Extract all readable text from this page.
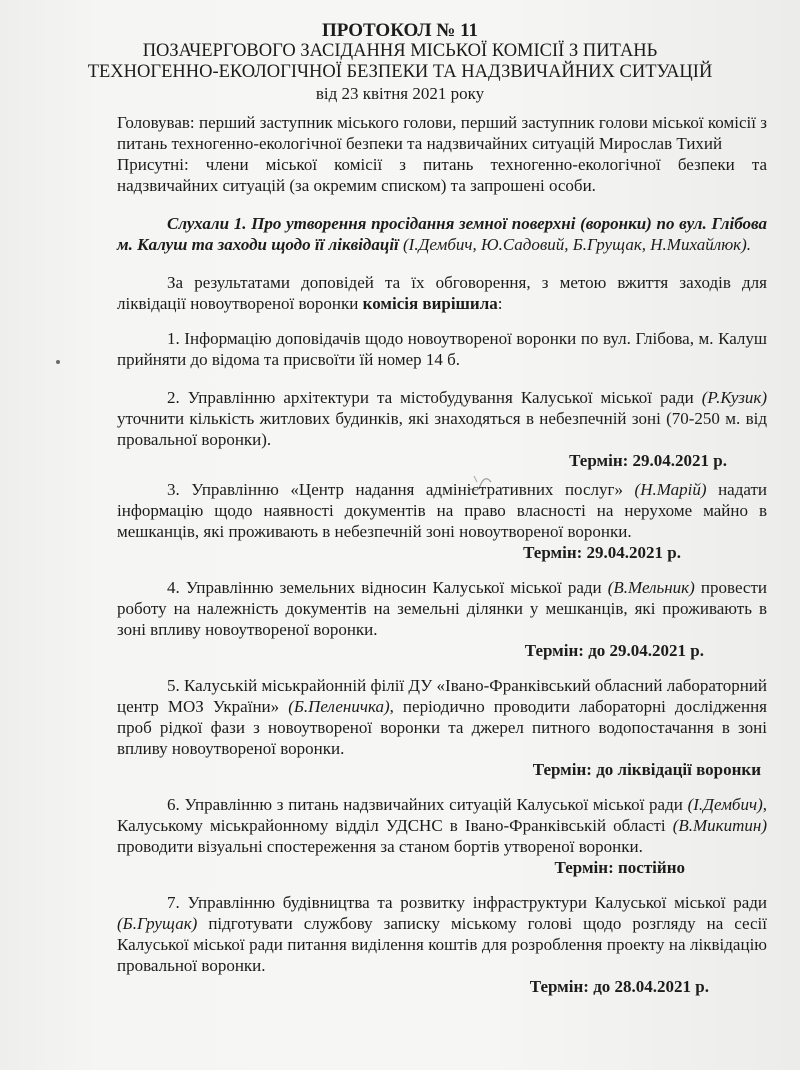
ПРОТОКОЛ № 11
ПОЗАЧЕРГОВОГО ЗАСІДАННЯ МІСЬКОЇ КОМІСІЇ З ПИТАНЬ
ТЕХНОГЕННО-ЕКОЛОГІЧНОЇ БЕЗПЕКИ ТА НАДЗВИЧАЙНИХ СИТУАЦІЙ
від 23 квітня 2021 року

Головував: перший заступник міського голови, перший заступник голови міської комісії з питань техногенно-екологічної безпеки та надзвичайних ситуацій Мирослав Тихий

Присутні: члени міської комісії з питань техногенно-екологічної безпеки та надзвичайних ситуацій (за окремим списком) та запрошені особи.

Слухали 1. Про утворення просідання земної поверхні (воронки) по вул. Глібова м. Калуш та заходи щодо її ліквідації (І.Дембич, Ю.Садовий, Б.Грущак, Н.Михайлюк).

За результатами доповідей та їх обговорення, з метою вжиття заходів для ліквідації новоутвореної воронки комісія вирішила:

1. Інформацію доповідачів щодо новоутвореної воронки по вул. Глібова, м. Калуш прийняти до відома та присвоїти їй номер 14 б.

2. Управлінню архітектури та містобудування Калуської міської ради (Р.Кузик) уточнити кількість житлових будинків, які знаходяться в небезпечній зоні (70-250 м. від провальної воронки).

Термін: 29.04.2021 р.

3. Управлінню «Центр надання адміністративних послуг» (Н.Марій) надати інформацію щодо наявності документів на право власності на нерухоме майно в мешканців, які проживають в небезпечній зоні новоутвореної воронки.

Термін: 29.04.2021 р.

4. Управлінню земельних відносин Калуської міської ради (В.Мельник) провести роботу на належність документів на земельні ділянки у мешканців, які проживають в зоні впливу новоутвореної воронки.

Термін: до 29.04.2021 р.

5. Калуській міськрайонній філії ДУ «Івано-Франківський обласний лабораторний центр МОЗ України» (Б.Пеленичка), періодично проводити лабораторні дослідження проб рідкої фази з новоутвореної воронки та джерел питного водопостачання в зоні впливу новоутвореної воронки.

Термін: до ліквідації воронки

6. Управлінню з питань надзвичайних ситуацій Калуської міської ради (І.Дембич), Калуському міськрайонному відділ УДСНС в Івано-Франківській області (В.Микитин) проводити візуальні спостереження за станом бортів утвореної воронки.

Термін: постійно

7. Управлінню будівництва та розвитку інфраструктури Калуської міської ради (Б.Грущак) підготувати службову записку міському голові щодо розгляду на сесії Калуської міської ради питання виділення коштів для розроблення проекту на ліквідацію провальної воронки.

Термін: до 28.04.2021 р.
